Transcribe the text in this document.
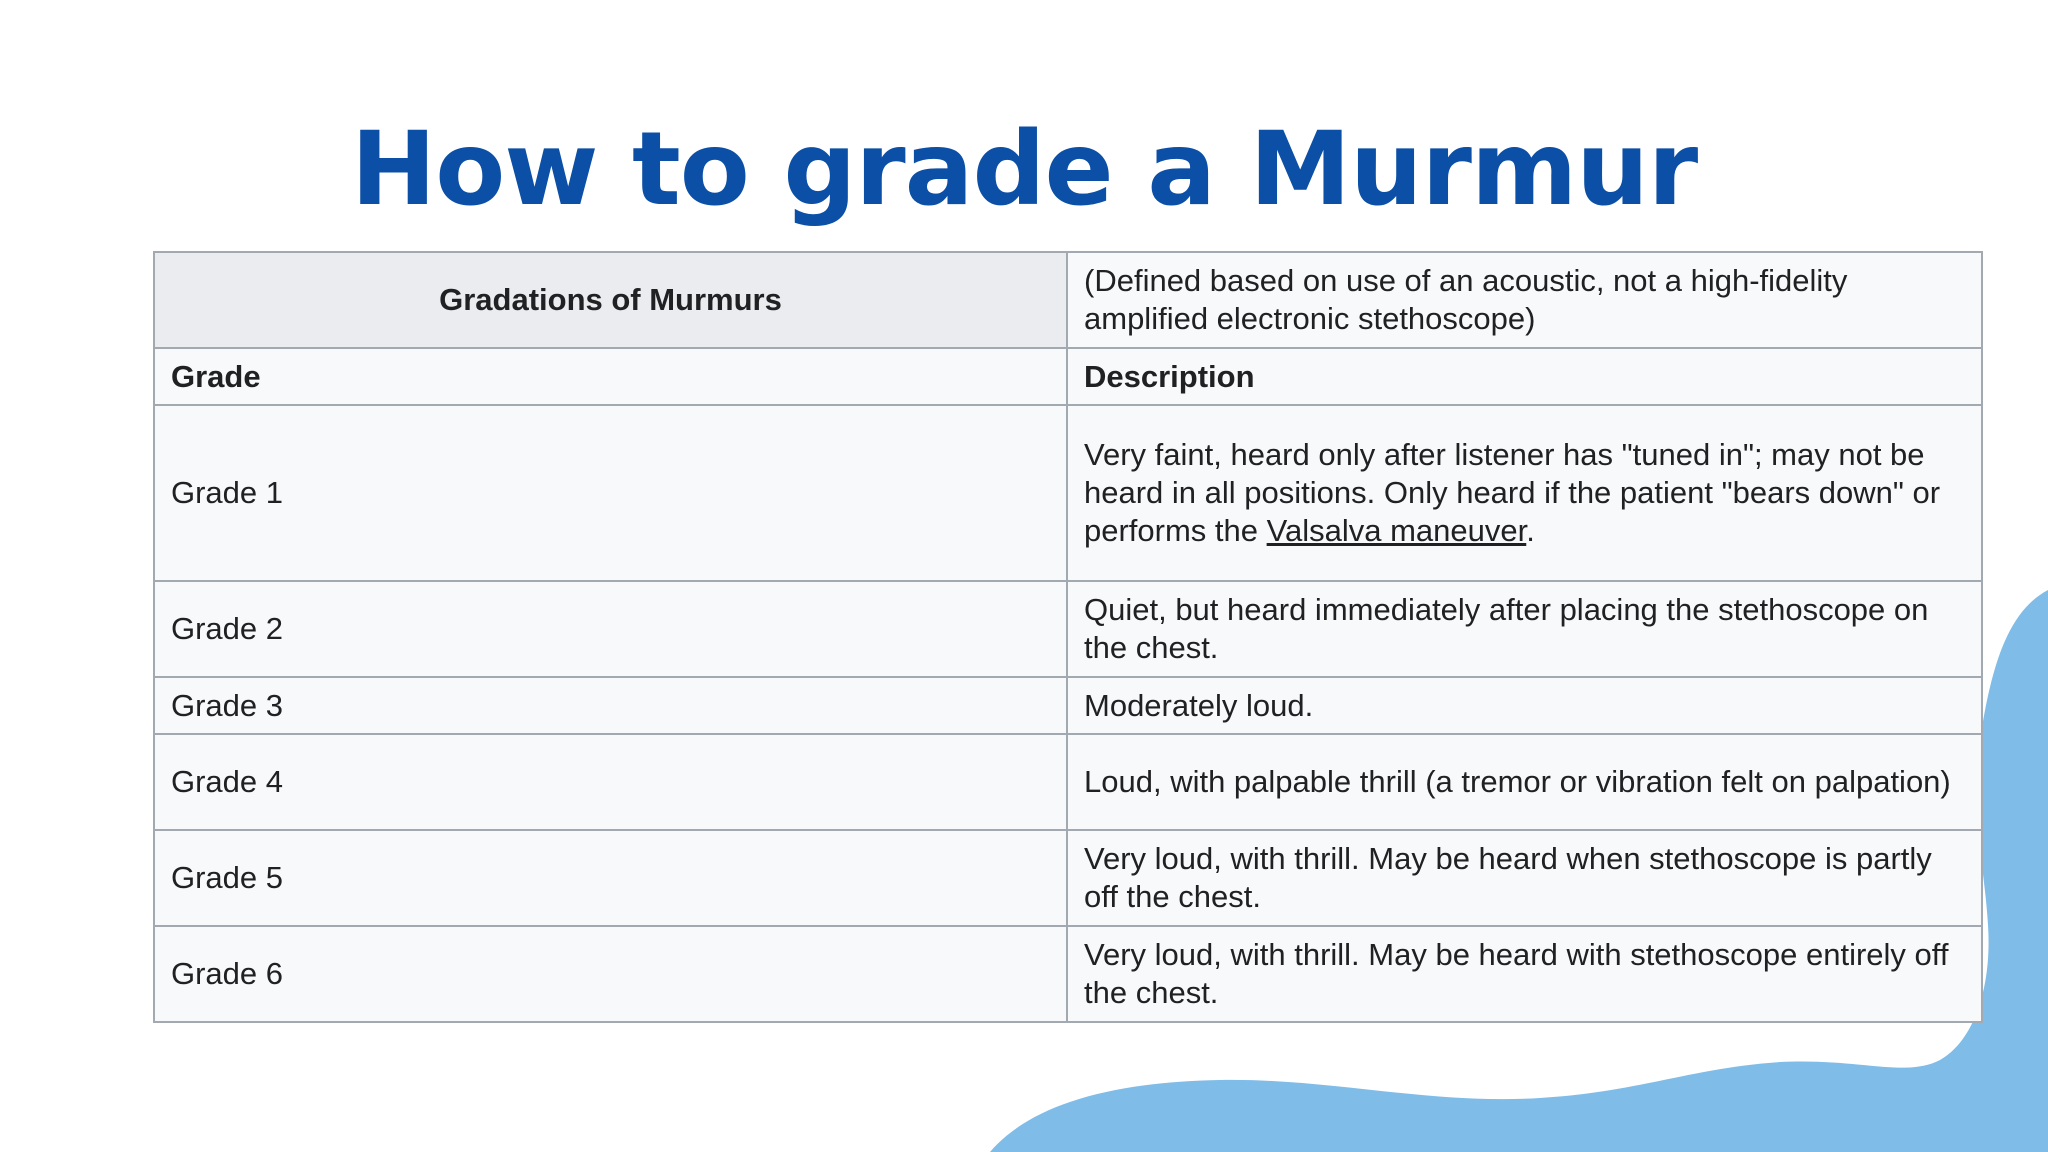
How to grade a Murmur
Gradations of Murmurs	(Defined based on use of an acoustic, not a high-fidelity amplified electronic stethoscope)
Grade	Description
Grade 1	Very faint, heard only after listener has "tuned in"; may not be heard in all positions. Only heard if the patient "bears down" or performs the Valsalva maneuver.
Grade 2	Quiet, but heard immediately after placing the stethoscope on the chest.
Grade 3	Moderately loud.
Grade 4	Loud, with palpable thrill (a tremor or vibration felt on palpation)
Grade 5	Very loud, with thrill. May be heard when stethoscope is partly off the chest.
Grade 6	Very loud, with thrill. May be heard with stethoscope entirely off the chest.
